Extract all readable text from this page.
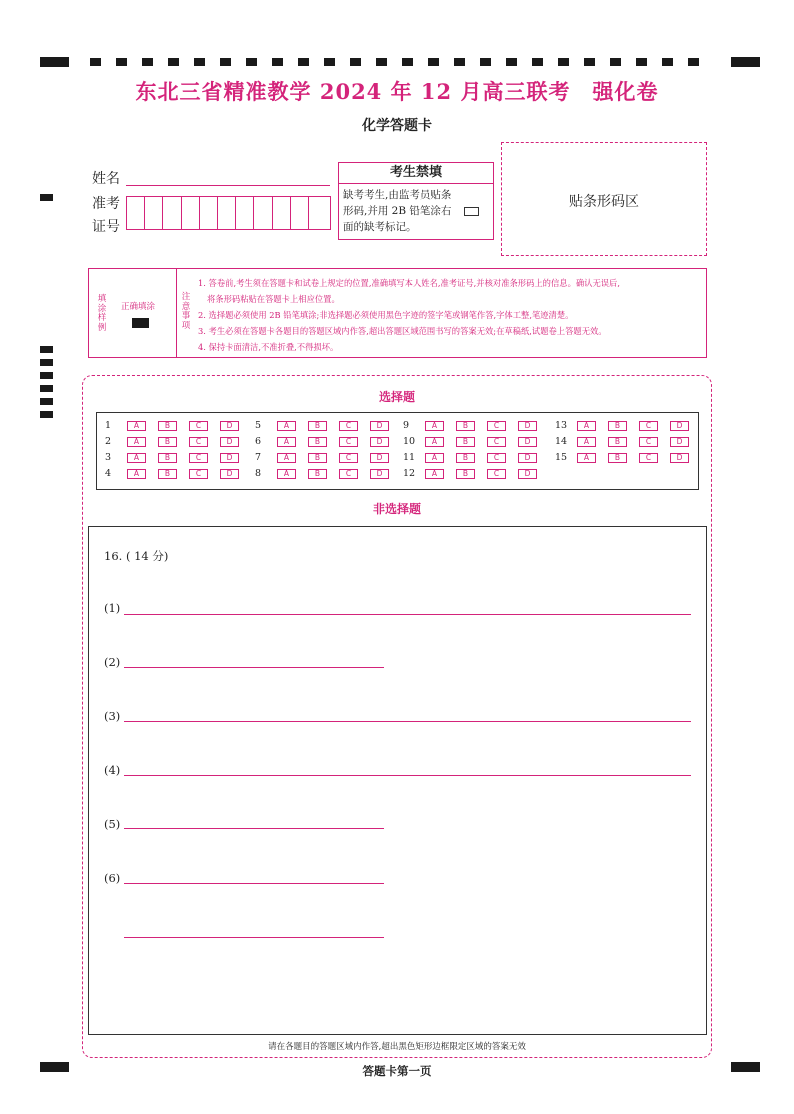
东北三省精准教学 2024 年 12 月高三联考　强化卷
化学答题卡
姓名
准考
证号
考生禁填
缺考考生,由监考员贴条形码,并用 2B 铅笔涂右面的缺考标记。
贴条形码区
填涂样例
正确填涂
注意事项
1. 答卷前,考生须在答题卡和试卷上规定的位置,准确填写本人姓名,准考证号,并核对准条形码上的信息。确认无误后,
将条形码粘贴在答题卡上相应位置。
2. 选择题必须使用 2B 铅笔填涂;非选择题必须使用黑色字迹的签字笔或钢笔作答,字体工整,笔迹清楚。
3. 考生必须在答题卡各题目的答题区域内作答,超出答题区域范围书写的答案无效;在草稿纸,试题卷上答题无效。
4. 保持卡面清洁,不准折叠,不得损坏。
选择题
1	A	B	C	D
2	A	B	C	D
3	A	B	C	D
4	A	B	C	D
5	A	B	C	D
6	A	B	C	D
7	A	B	C	D
8	A	B	C	D
9	A	B	C	D
10	A	B	C	D
11	A	B	C	D
12	A	B	C	D
13	A	B	C	D
14	A	B	C	D
15	A	B	C	D
非选择题
16. ( 14 分)
(1)
(2)
(3)
(4)
(5)
(6)
请在各题目的答题区域内作答,超出黑色矩形边框限定区域的答案无效
答题卡第一页
